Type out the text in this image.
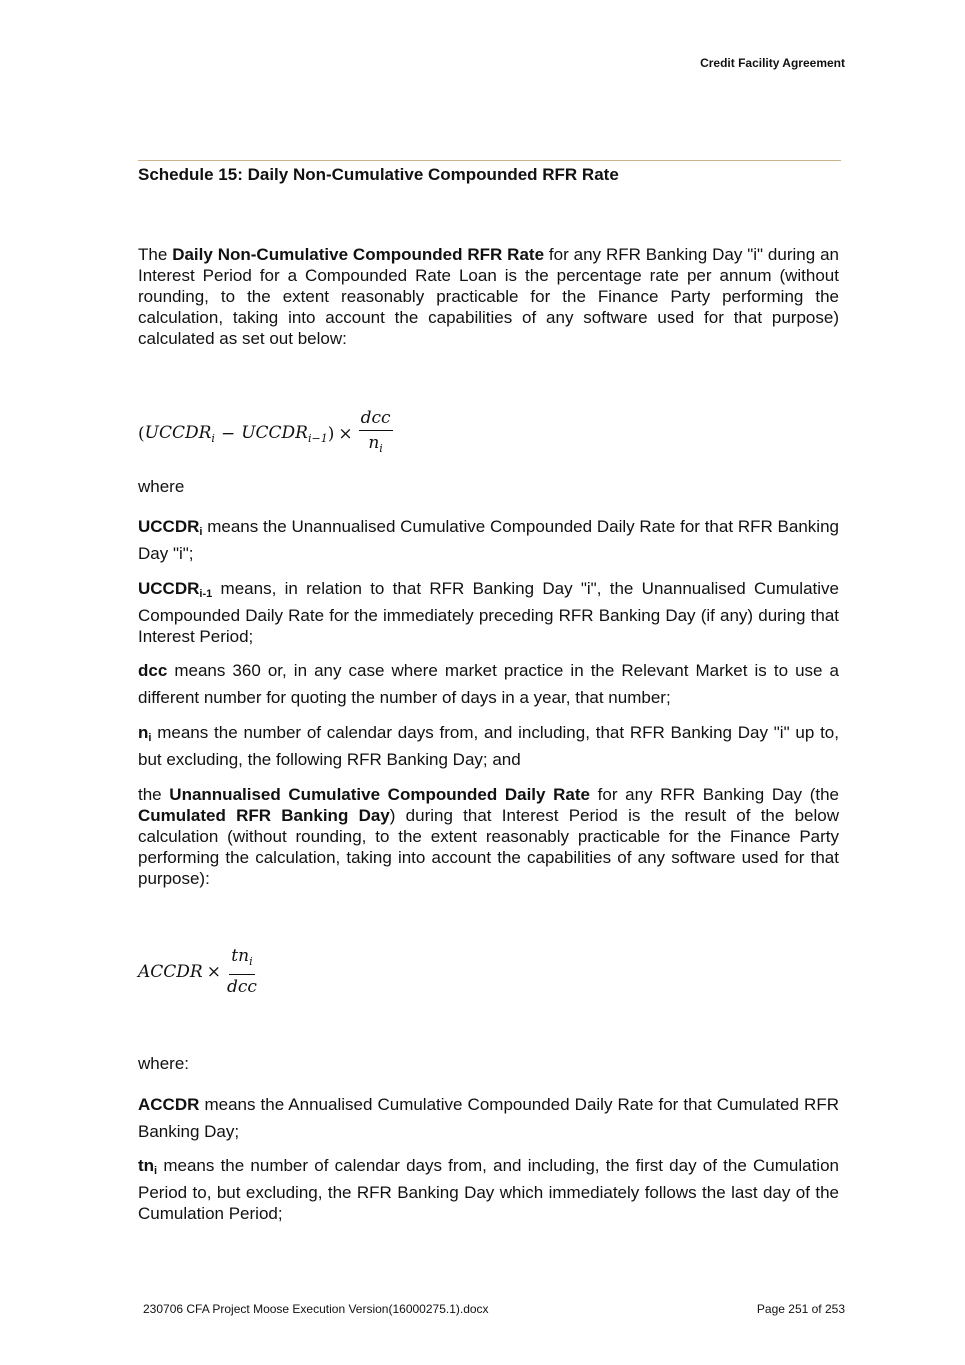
Credit Facility Agreement
Schedule 15: Daily Non-Cumulative Compounded RFR Rate
The Daily Non-Cumulative Compounded RFR Rate for any RFR Banking Day "i" during an Interest Period for a Compounded Rate Loan is the percentage rate per annum (without rounding, to the extent reasonably practicable for the Finance Party performing the calculation, taking into account the capabilities of any software used for that purpose) calculated as set out below:
( $UCCDR_i$ − $UCCDR_{i-1}$ ) × $\frac{\text{dcc}}{n_i}$
where
UCCDRi means the Unannualised Cumulative Compounded Daily Rate for that RFR Banking Day "i";
UCCDRi-1 means, in relation to that RFR Banking Day "i", the Unannualised Cumulative Compounded Daily Rate for the immediately preceding RFR Banking Day (if any) during that Interest Period;
dcc means 360 or, in any case where market practice in the Relevant Market is to use a different number for quoting the number of days in a year, that number;
ni means the number of calendar days from, and including, that RFR Banking Day "i" up to, but excluding, the following RFR Banking Day; and
the Unannualised Cumulative Compounded Daily Rate for any RFR Banking Day (the Cumulated RFR Banking Day) during that Interest Period is the result of the below calculation (without rounding, to the extent reasonably practicable for the Finance Party performing the calculation, taking into account the capabilities of any software used for that purpose):
ACCDR × $\frac{tn_i}{\text{dcc}}$
where:
ACCDR means the Annualised Cumulative Compounded Daily Rate for that Cumulated RFR Banking Day;
tni means the number of calendar days from, and including, the first day of the Cumulation Period to, but excluding, the RFR Banking Day which immediately follows the last day of the Cumulation Period;
230706 CFA Project Moose Execution Version(16000275.1).docx	Page 251 of 253
